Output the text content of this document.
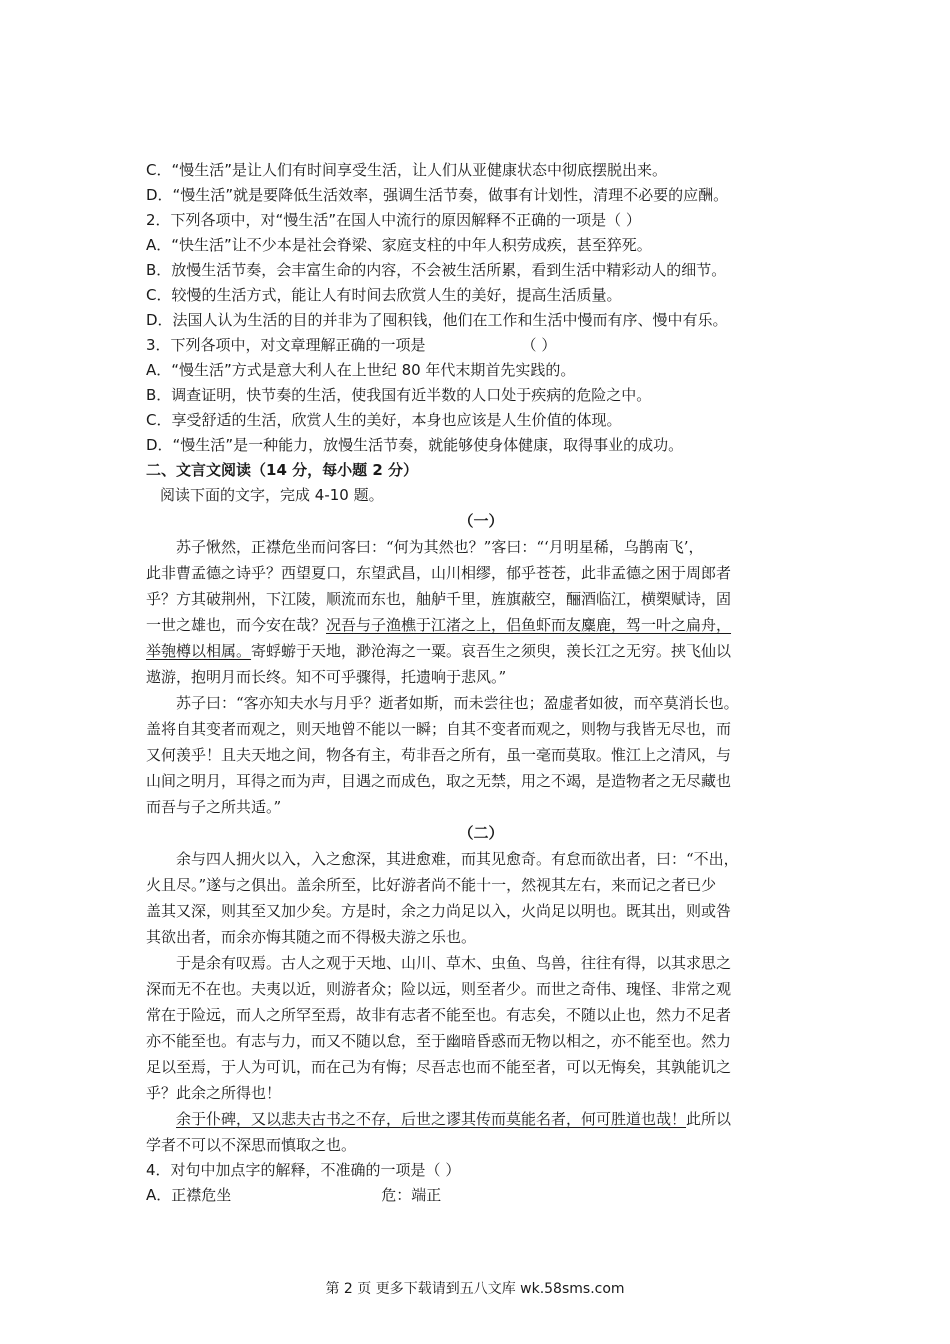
C．“慢生活”是让人们有时间享受生活，让人们从亚健康状态中彻底摆脱出来。
D．“慢生活”就是要降低生活效率，强调生活节奏，做事有计划性，清理不必要的应酬。
2．下列各项中，对“慢生活”在国人中流行的原因解释不正确的一项是（ ）
A．“快生活”让不少本是社会脊梁、家庭支柱的中年人积劳成疾，甚至猝死。
B．放慢生活节奏，会丰富生命的内容，不会被生活所累，看到生活中精彩动人的细节。
C．较慢的生活方式，能让人有时间去欣赏人生的美好，提高生活质量。
D．法国人认为生活的目的并非为了囤积钱，他们在工作和生活中慢而有序、慢中有乐。
3．下列各项中，对文章理解正确的一项是	（ ）
A．“慢生活”方式是意大利人在上世纪 80 年代末期首先实践的。
B．调查证明，快节奏的生活，使我国有近半数的人口处于疾病的危险之中。
C．享受舒适的生活，欣赏人生的美好，本身也应该是人生价值的体现。
D．“慢生活”是一种能力，放慢生活节奏，就能够使身体健康，取得事业的成功。
二、文言文阅读（14 分，每小题 2 分）
阅读下面的文字，完成 4-10 题。
（一）
苏子愀然，正襟危坐而问客曰：“何为其然也？”客曰：“‘月明星稀，乌鹊南飞’，
此非曹孟德之诗乎？西望夏口，东望武昌，山川相缪，郁乎苍苍，此非孟德之困于周郎者
乎？方其破荆州，下江陵，顺流而东也，舳舻千里，旌旗蔽空，酾酒临江，横槊赋诗，固
一世之雄也，而今安在哉？况吾与子渔樵于江渚之上，侣鱼虾而友麋鹿，驾一叶之扁舟，
举匏樽以相属。寄蜉蝣于天地，渺沧海之一粟。哀吾生之须臾，羡长江之无穷。挟飞仙以
遨游，抱明月而长终。知不可乎骤得，托遗响于悲风。”
苏子曰：“客亦知夫水与月乎？逝者如斯，而未尝往也；盈虚者如彼，而卒莫消长也。
盖将自其变者而观之，则天地曾不能以一瞬；自其不变者而观之，则物与我皆无尽也，而
又何羡乎！且夫天地之间，物各有主，苟非吾之所有，虽一毫而莫取。惟江上之清风，与
山间之明月，耳得之而为声，目遇之而成色，取之无禁，用之不竭，是造物者之无尽藏也
而吾与子之所共适。”
（二）
余与四人拥火以入，入之愈深，其进愈难，而其见愈奇。有怠而欲出者，曰：“不出，
火且尽。”遂与之俱出。盖余所至，比好游者尚不能十一，然视其左右，来而记之者已少
盖其又深，则其至又加少矣。方是时，余之力尚足以入，火尚足以明也。既其出，则或咎
其欲出者，而余亦悔其随之而不得极夫游之乐也。
于是余有叹焉。古人之观于天地、山川、草木、虫鱼、鸟兽，往往有得，以其求思之
深而无不在也。夫夷以近，则游者众；险以远，则至者少。而世之奇伟、瑰怪、非常之观
常在于险远，而人之所罕至焉，故非有志者不能至也。有志矣，不随以止也，然力不足者
亦不能至也。有志与力，而又不随以怠，至于幽暗昏惑而无物以相之，亦不能至也。然力
足以至焉，于人为可讥，而在己为有悔；尽吾志也而不能至者，可以无悔矣，其孰能讥之
乎？此余之所得也！
余于仆碑，又以悲夫古书之不存，后世之谬其传而莫能名者，何可胜道也哉！此所以
学者不可以不深思而慎取之也。
4．对句中加点字的解释，不准确的一项是（ ）
A．正襟危坐	危：端正
第 2 页 更多下载请到五八文库 wk.58sms.com
